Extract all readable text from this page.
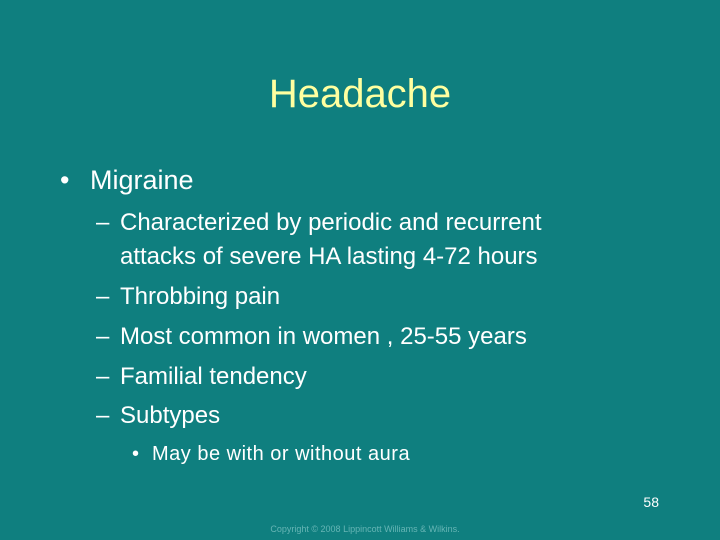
Headache
• Migraine
– Characterized by periodic and recurrent
attacks of severe HA lasting 4-72 hours
– Throbbing pain
– Most common in women , 25-55 years
– Familial tendency
– Subtypes
• May be with or without aura
58
Copyright © 2008 Lippincott Williams & Wilkins.
